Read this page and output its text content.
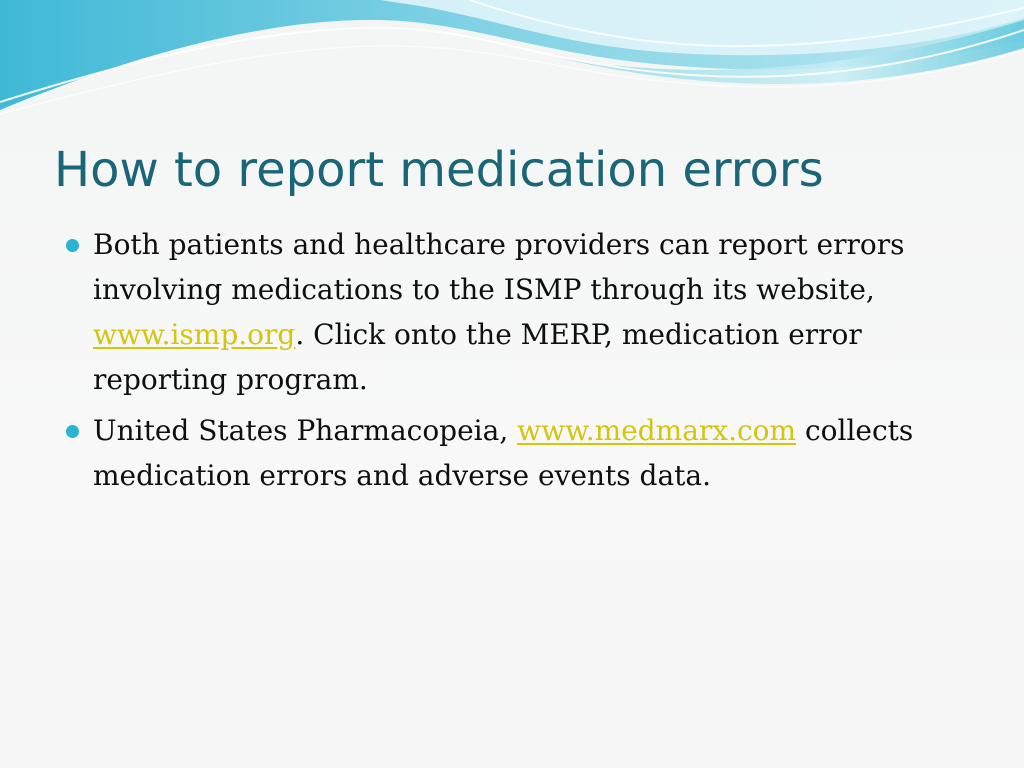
How to report medication errors
Both patients and healthcare providers can report errors involving medications to the ISMP through its website, www.ismp.org. Click onto the MERP, medication error reporting program.
United States Pharmacopeia, www.medmarx.com collects medication errors and adverse events data.
